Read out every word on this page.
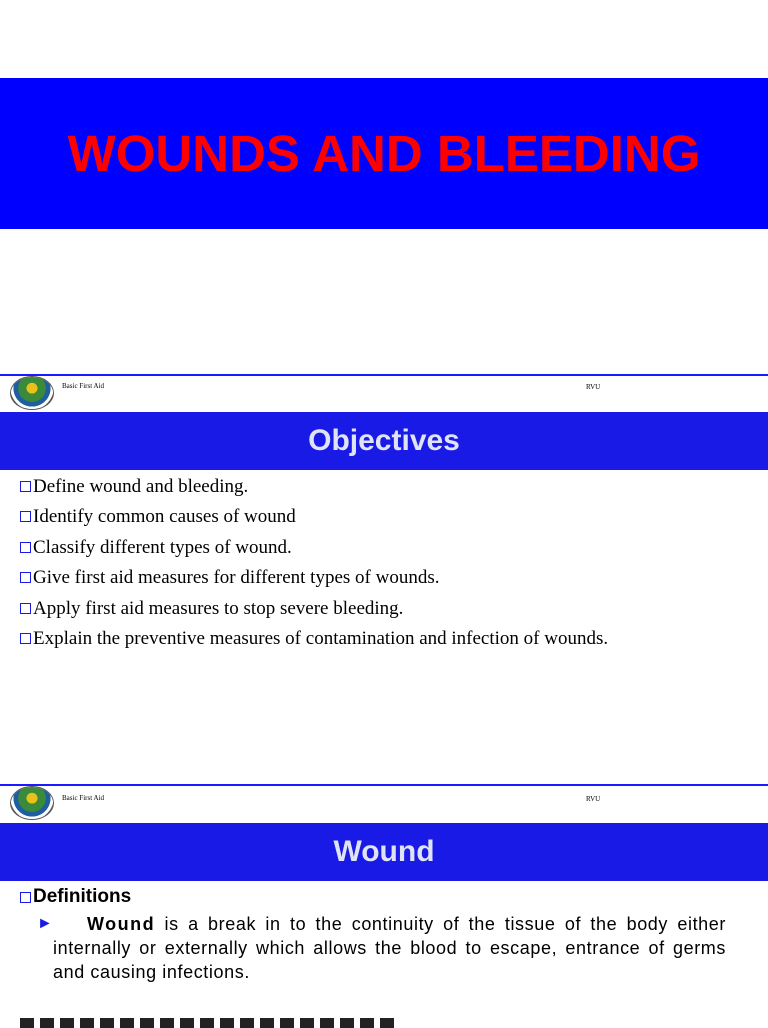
WOUNDS AND BLEEDING
Basic First Aid	RVU
Objectives
Define wound and bleeding.
Identify common causes of wound
Classify different types of wound.
Give first aid measures for different types of wounds.
Apply first aid measures to stop severe bleeding.
Explain the preventive measures of contamination and infection of wounds.
Basic First Aid	RVU
Wound
Definitions
► Wound is a break in to the continuity of the tissue of the body either internally or externally which allows the blood to escape, entrance of germs and causing infections.
